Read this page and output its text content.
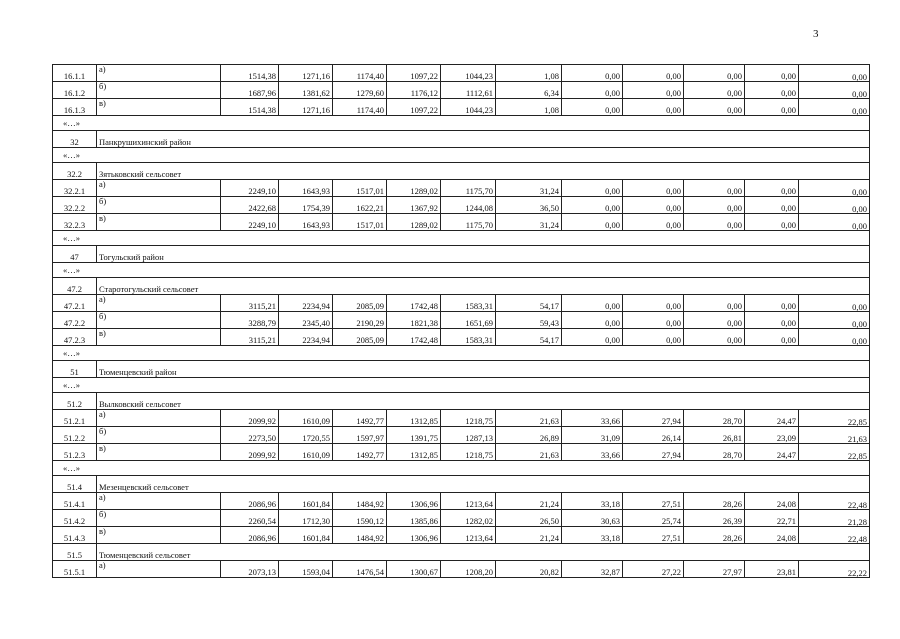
3
16.1.1	а)	1514,38	1271,16	1174,40	1097,22	1044,23	1,08	0,00	0,00	0,00	0,00	0,00
16.1.2	б)	1687,96	1381,62	1279,60	1176,12	1112,61	6,34	0,00	0,00	0,00	0,00	0,00
16.1.3	в)	1514,38	1271,16	1174,40	1097,22	1044,23	1,08	0,00	0,00	0,00	0,00	0,00
«…»												
32	Панкрушихинский район											
«…»												
32.2	Зятьковский сельсовет											
32.2.1	а)	2249,10	1643,93	1517,01	1289,02	1175,70	31,24	0,00	0,00	0,00	0,00	0,00
32.2.2	б)	2422,68	1754,39	1622,21	1367,92	1244,08	36,50	0,00	0,00	0,00	0,00	0,00
32.2.3	в)	2249,10	1643,93	1517,01	1289,02	1175,70	31,24	0,00	0,00	0,00	0,00	0,00
«…»												
47	Тогульский район											
«…»												
47.2	Старотогульский сельсовет											
47.2.1	а)	3115,21	2234,94	2085,09	1742,48	1583,31	54,17	0,00	0,00	0,00	0,00	0,00
47.2.2	б)	3288,79	2345,40	2190,29	1821,38	1651,69	59,43	0,00	0,00	0,00	0,00	0,00
47.2.3	в)	3115,21	2234,94	2085,09	1742,48	1583,31	54,17	0,00	0,00	0,00	0,00	0,00
«…»												
51	Тюменцевский район											
«…»												
51.2	Вылковский сельсовет											
51.2.1	а)	2099,92	1610,09	1492,77	1312,85	1218,75	21,63	33,66	27,94	28,70	24,47	22,85
51.2.2	б)	2273,50	1720,55	1597,97	1391,75	1287,13	26,89	31,09	26,14	26,81	23,09	21,63
51.2.3	в)	2099,92	1610,09	1492,77	1312,85	1218,75	21,63	33,66	27,94	28,70	24,47	22,85
«…»												
51.4	Мезенцевский сельсовет											
51.4.1	а)	2086,96	1601,84	1484,92	1306,96	1213,64	21,24	33,18	27,51	28,26	24,08	22,48
51.4.2	б)	2260,54	1712,30	1590,12	1385,86	1282,02	26,50	30,63	25,74	26,39	22,71	21,28
51.4.3	в)	2086,96	1601,84	1484,92	1306,96	1213,64	21,24	33,18	27,51	28,26	24,08	22,48
51.5	Тюменцевский сельсовет											
51.5.1	а)	2073,13	1593,04	1476,54	1300,67	1208,20	20,82	32,87	27,22	27,97	23,81	22,22
